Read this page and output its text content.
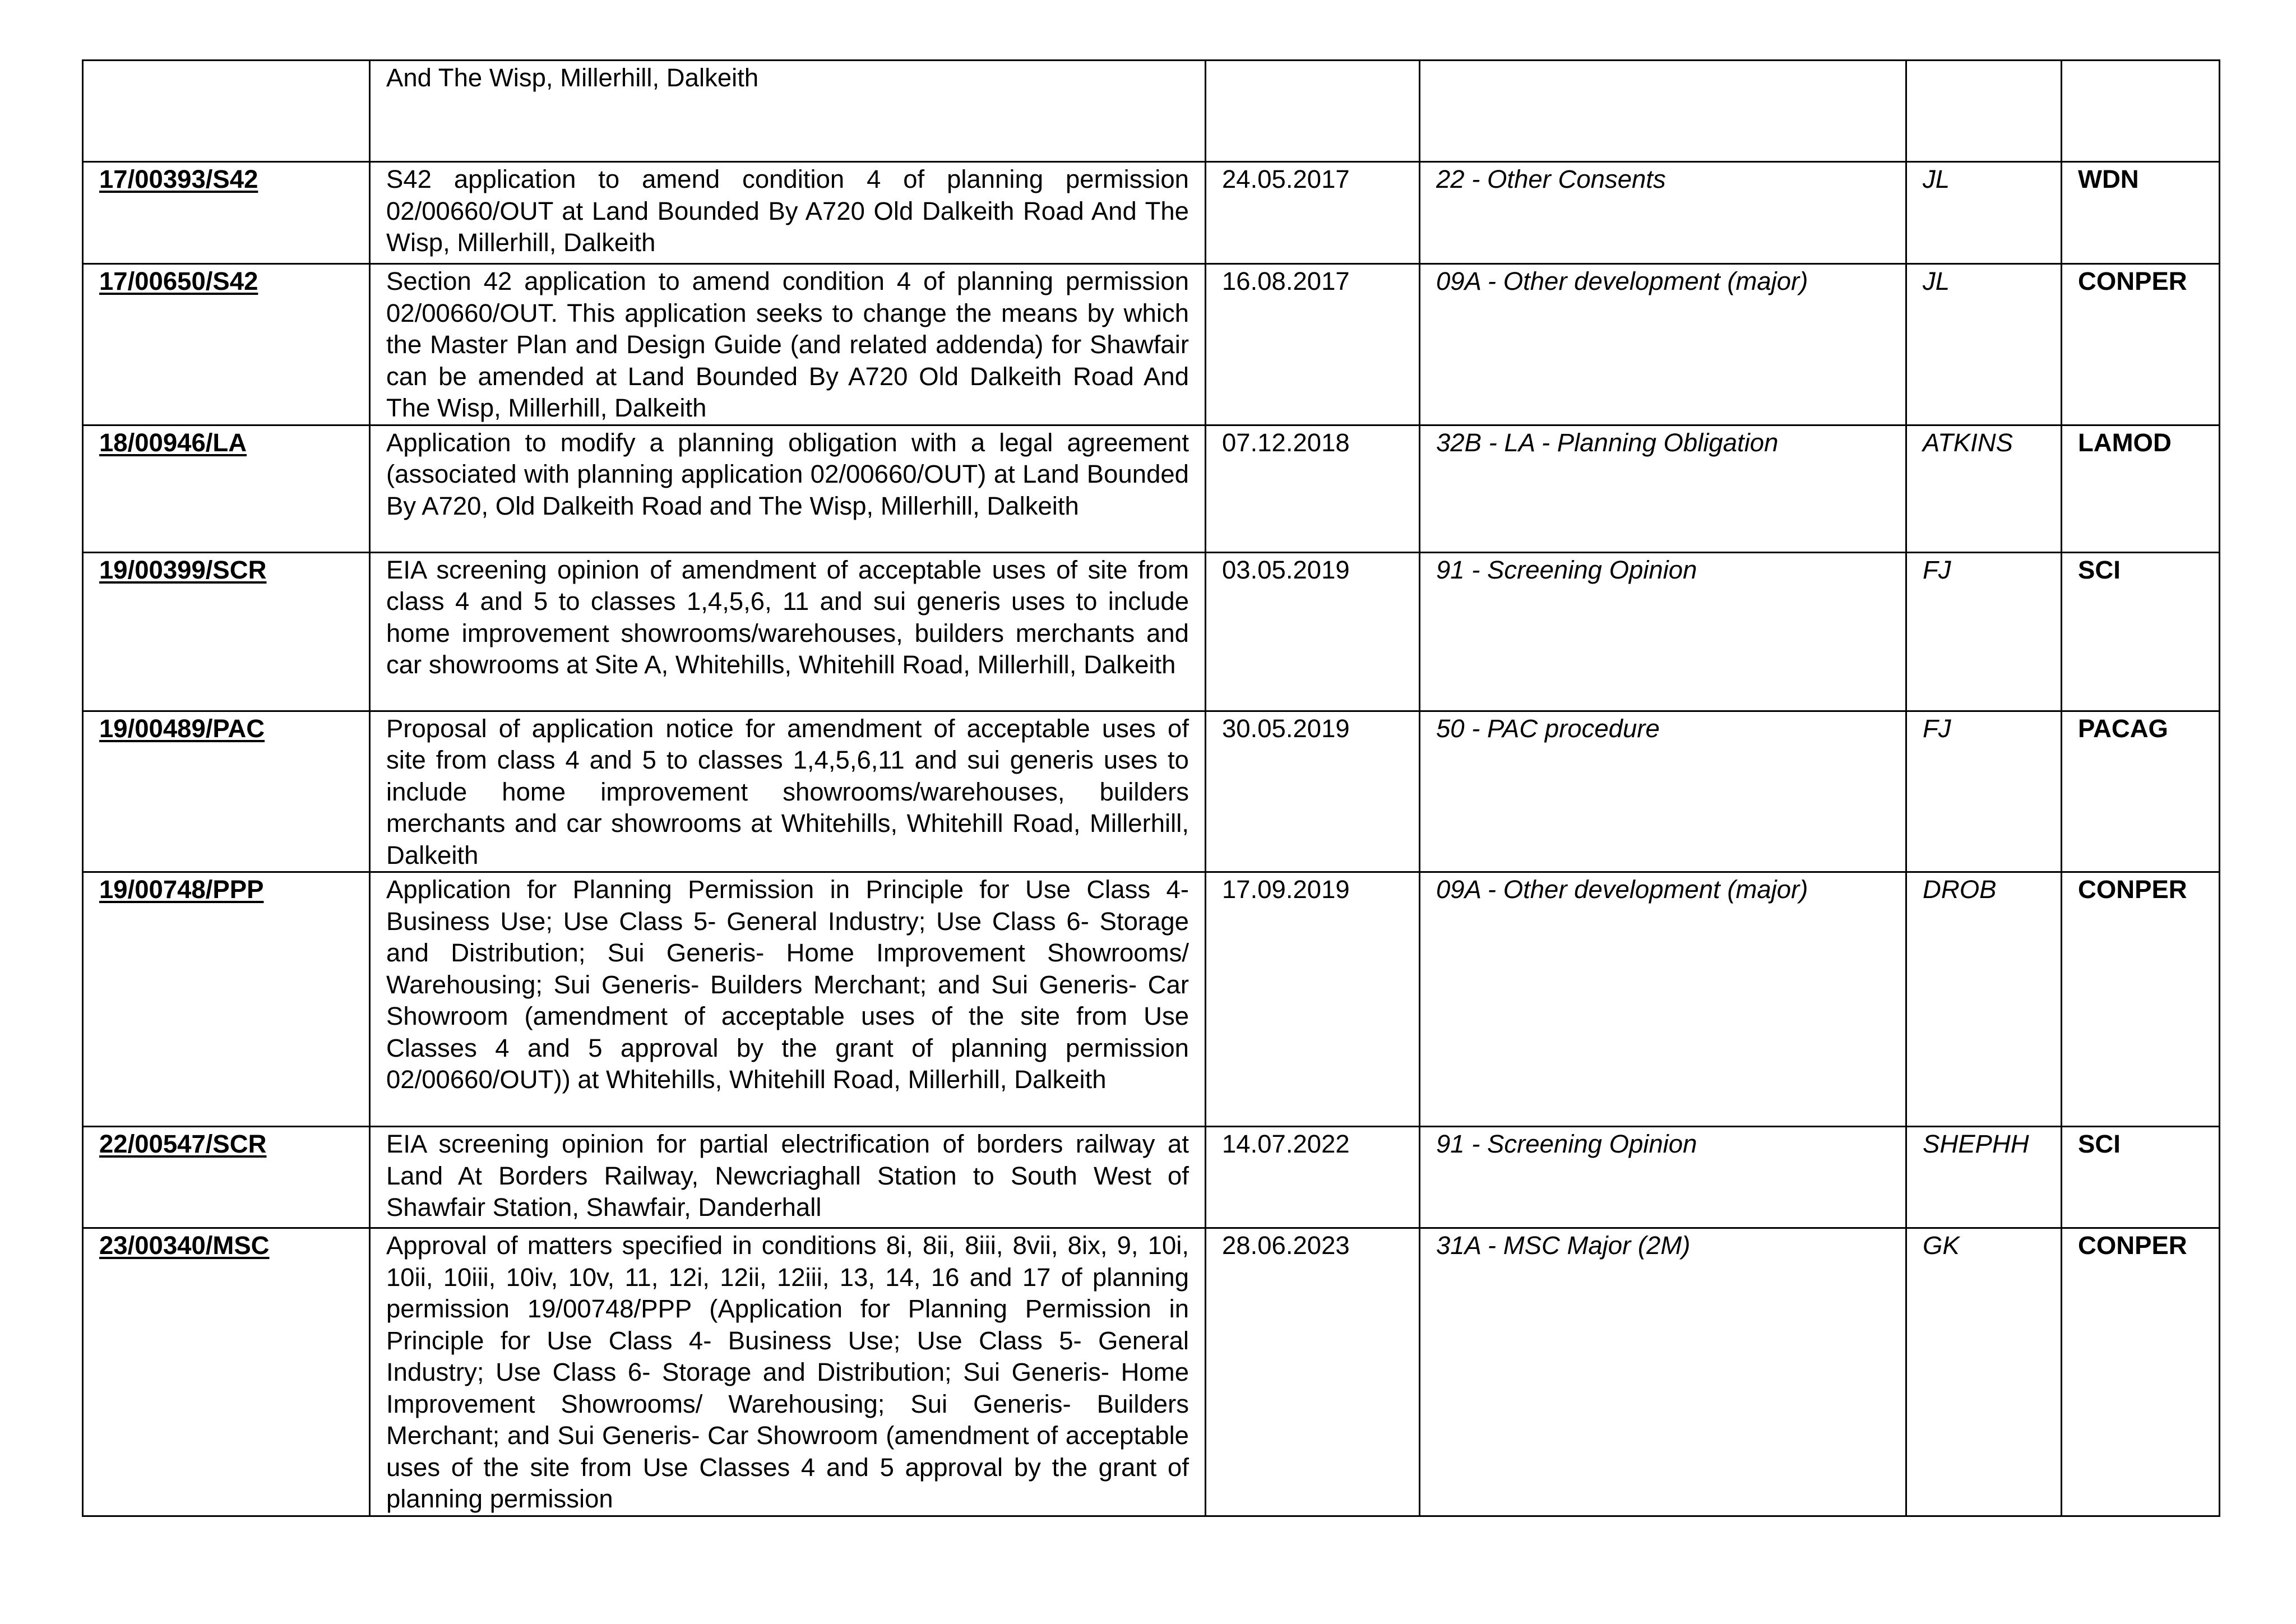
	And The Wisp, Millerhill, Dalkeith				
17/00393/S42	S42 application to amend condition 4 of planning permission 02/00660/OUT at Land Bounded By A720 Old Dalkeith Road And The Wisp, Millerhill, Dalkeith	24.05.2017	22 - Other Consents	JL	WDN
17/00650/S42	Section 42 application to amend condition 4 of planning permission 02/00660/OUT. This application seeks to change the means by which the Master Plan and Design Guide (and related addenda) for Shawfair can be amended at Land Bounded By A720 Old Dalkeith Road And The Wisp, Millerhill, Dalkeith	16.08.2017	09A - Other development (major)	JL	CONPER
18/00946/LA	Application to modify a planning obligation with a legal agreement (associated with planning application 02/00660/OUT) at Land Bounded By A720, Old Dalkeith Road and The Wisp, Millerhill, Dalkeith	07.12.2018	32B - LA - Planning Obligation	ATKINS	LAMOD
19/00399/SCR	EIA screening opinion of amendment of acceptable uses of site from class 4 and 5 to classes 1,4,5,6, 11 and sui generis uses to include home improvement showrooms/warehouses, builders merchants and car showrooms at Site A, Whitehills, Whitehill Road, Millerhill, Dalkeith	03.05.2019	91 - Screening Opinion	FJ	SCI
19/00489/PAC	Proposal of application notice for amendment of acceptable uses of site from class 4 and 5 to classes 1,4,5,6,11 and sui generis uses to include home improvement showrooms/warehouses, builders merchants and car showrooms at Whitehills, Whitehill Road, Millerhill, Dalkeith	30.05.2019	50 - PAC procedure	FJ	PACAG
19/00748/PPP	Application for Planning Permission in Principle for Use Class 4- Business Use; Use Class 5- General Industry; Use Class 6- Storage and Distribution; Sui Generis- Home Improvement Showrooms/ Warehousing; Sui Generis- Builders Merchant; and Sui Generis- Car Showroom (amendment of acceptable uses of the site from Use Classes 4 and 5 approval by the grant of planning permission 02/00660/OUT)) at Whitehills, Whitehill Road, Millerhill, Dalkeith	17.09.2019	09A - Other development (major)	DROB	CONPER
22/00547/SCR	EIA screening opinion for partial electrification of borders railway at Land At Borders Railway, Newcriaghall Station to South West of Shawfair Station, Shawfair, Danderhall	14.07.2022	91 - Screening Opinion	SHEPHH	SCI
23/00340/MSC	Approval of matters specified in conditions 8i, 8ii, 8iii, 8vii, 8ix, 9, 10i, 10ii, 10iii, 10iv, 10v, 11, 12i, 12ii, 12iii, 13, 14, 16 and 17 of planning permission 19/00748/PPP (Application for Planning Permission in Principle for Use Class 4- Business Use; Use Class 5- General Industry; Use Class 6- Storage and Distribution; Sui Generis- Home Improvement Showrooms/ Warehousing; Sui Generis- Builders Merchant; and Sui Generis- Car Showroom (amendment of acceptable uses of the site from Use Classes 4 and 5 approval by the grant of planning permission	28.06.2023	31A - MSC Major (2M)	GK	CONPER
